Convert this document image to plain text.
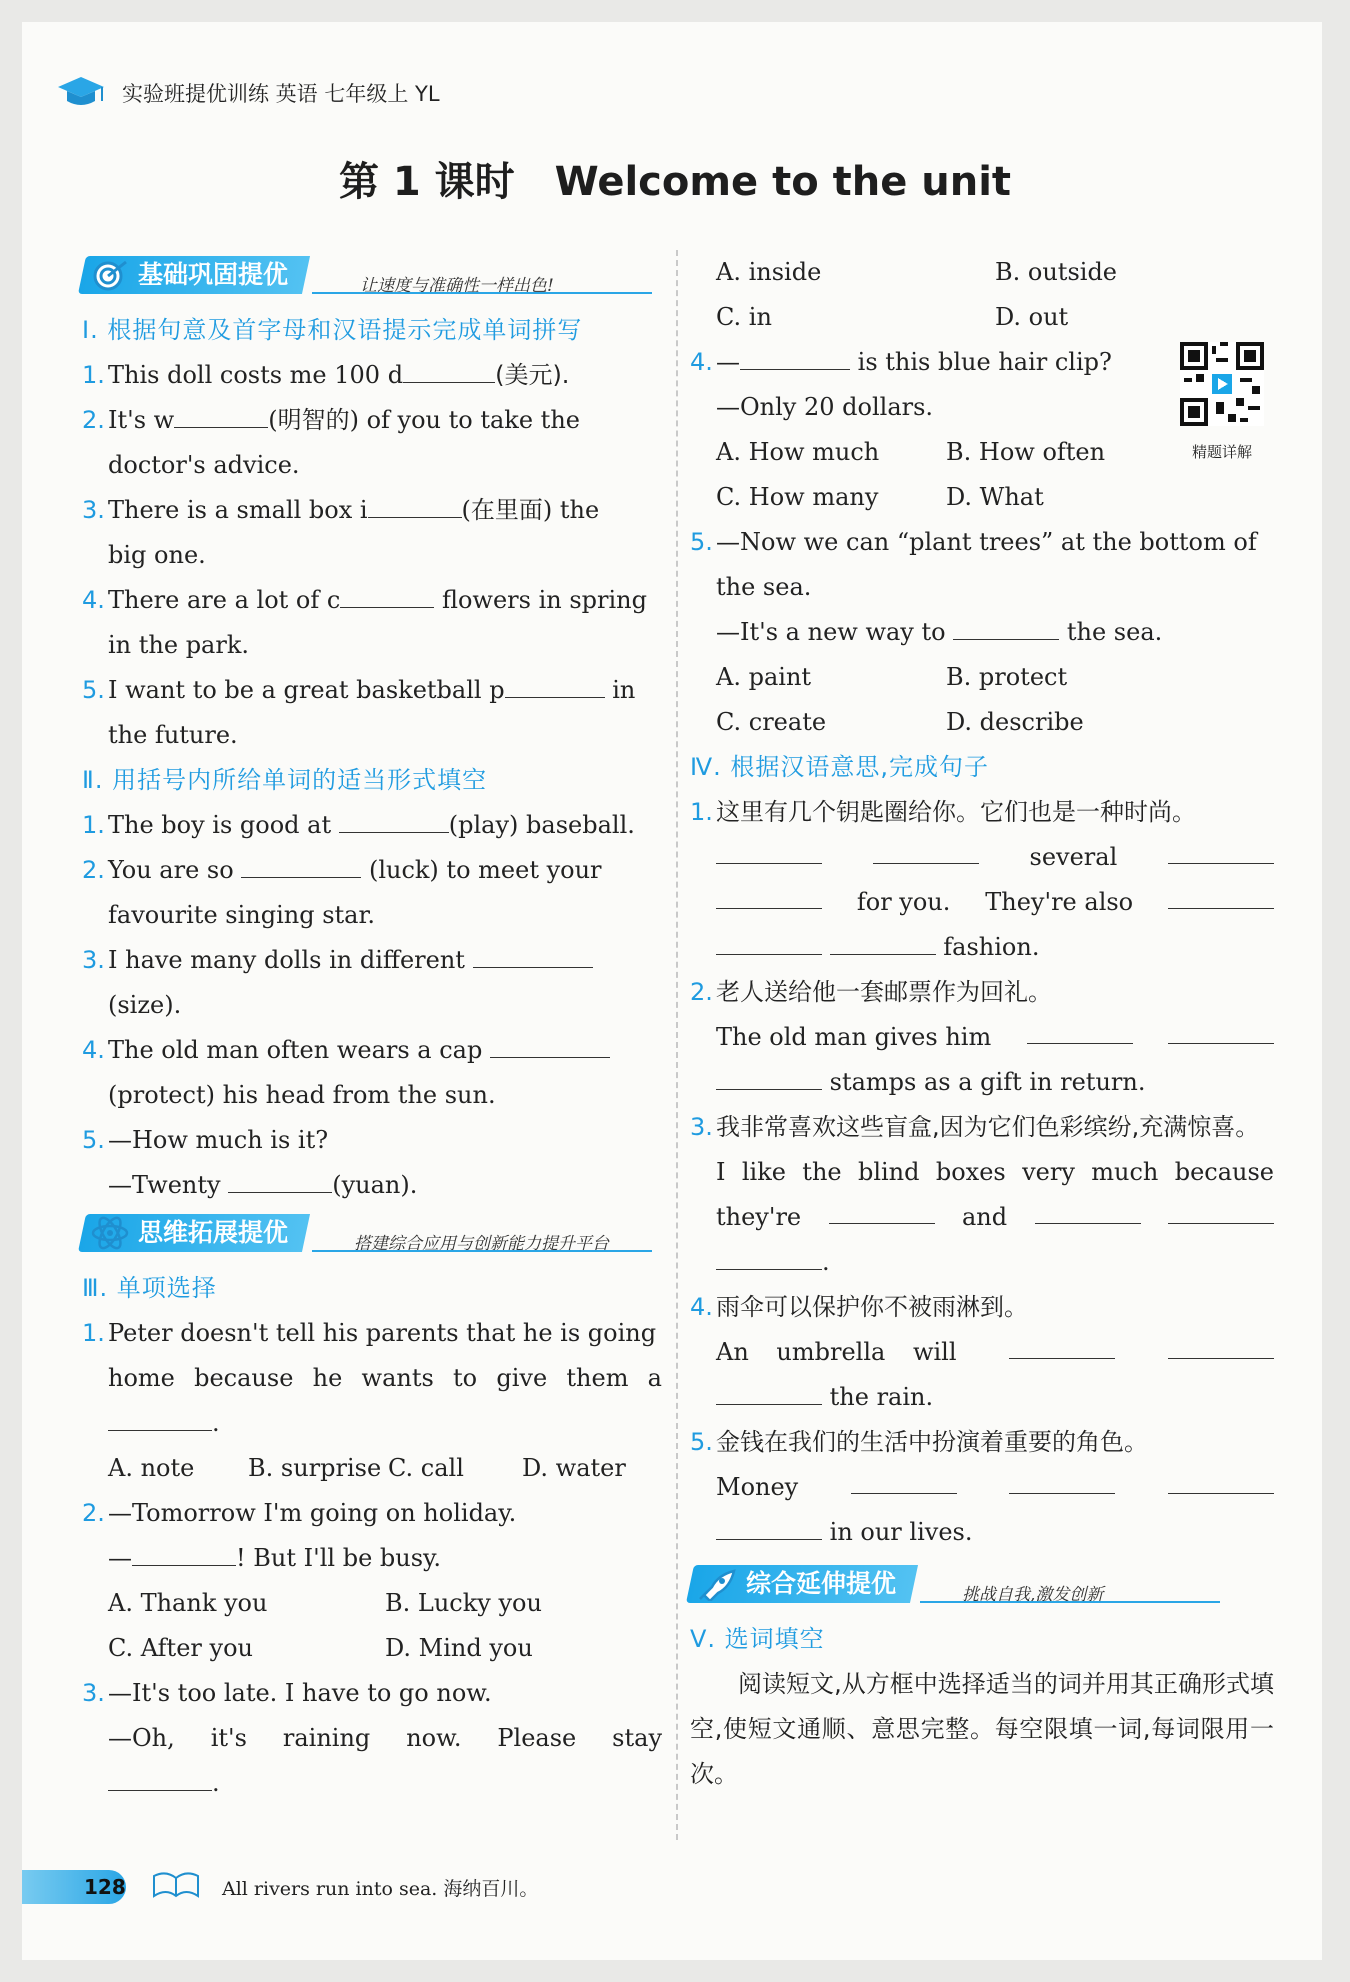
实验班提优训练 英语 七年级上 YL
第 1 课时　Welcome to the unit
基础巩固提优	让速度与准确性一样出色!
Ⅰ. 根据句意及首字母和汉语提示完成单词拼写
1. This doll costs me 100 d	(美元).
2. It's w	(明智的) of you to take the
doctor's advice.
3. There is a small box i	(在里面) the
big one.
4. There are a lot of c	flowers in spring
in the park.
5. I want to be a great basketball p	in
the future.
Ⅱ. 用括号内所给单词的适当形式填空
1. The boy is good at	(play) baseball.
2. You are so	(luck) to meet your
favourite singing star.
3. I have many dolls in different
(size).
4. The old man often wears a cap
(protect) his head from the sun.
5. —How much is it?
—Twenty	(yuan).
思维拓展提优	搭建综合应用与创新能力提升平台
Ⅲ. 单项选择
1. Peter doesn't tell his parents that he is going
home because he wants to give them a
.
A. note	B. surprise C. call	D. water
2. —Tomorrow I'm going on holiday.
—	! But I'll be busy.
A. Thank you	B. Lucky you
C. After you	D. Mind you
3. —It's too late. I have to go now.
—Oh, it's raining now. Please stay
.
A. inside	B. outside
C. in	D. out
4. —	is this blue hair clip?
—Only 20 dollars.
A. How much	B. How often
C. How many	D. What
精题详解
5. —Now we can “plant trees” at the bottom of
the sea.
—It's a new way to	the sea.
A. paint	B. protect
C. create	D. describe
Ⅳ. 根据汉语意思,完成句子
1. 这里有几个钥匙圈给你。它们也是一种时尚。
several
for you. They're also
fashion.
2. 老人送给他一套邮票作为回礼。
The old man gives him
stamps as a gift in return.
3. 我非常喜欢这些盲盒,因为它们色彩缤纷,充满惊喜。
I like the blind boxes very much because
they're	and
.
4. 雨伞可以保护你不被雨淋到。
An umbrella will
the rain.
5. 金钱在我们的生活中扮演着重要的角色。
Money
in our lives.
综合延伸提优	挑战自我,激发创新
Ⅴ. 选词填空
阅读短文,从方框中选择适当的词并用其正确形式填空,使短文通顺、意思完整。每空限填一词,每词限用一次。
128	All rivers run into sea. 海纳百川。
